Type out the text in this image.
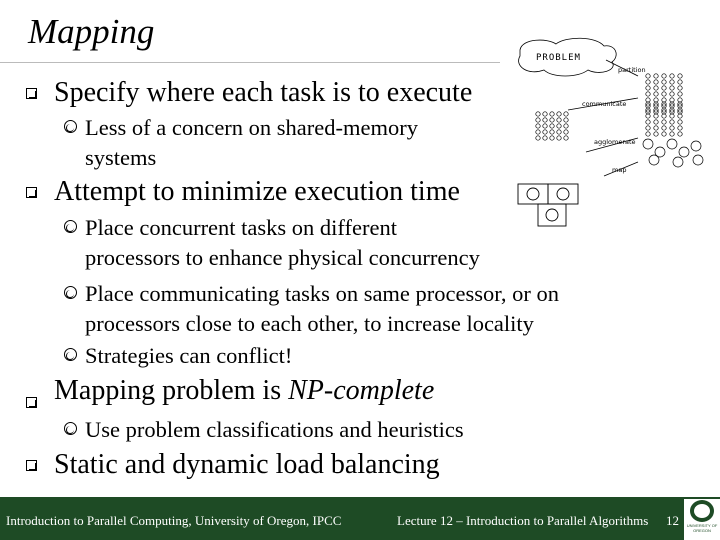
Mapping
Specify where each task is to execute
Less of a concern on shared-memory
systems
Attempt to minimize execution time
Place concurrent tasks on different
processors to enhance physical concurrency
Place communicating tasks on same processor, or on
processors close to each other, to increase locality
Strategies can conflict!
Mapping problem is NP-complete
Use problem classifications and heuristics
Static and dynamic load balancing
PROBLEM
partition
communicate
agglomerate
map
Introduction to Parallel Computing, University of Oregon, IPCC	Lecture 12 – Introduction to Parallel Algorithms 12 UNIVERSITY OF OREGON
